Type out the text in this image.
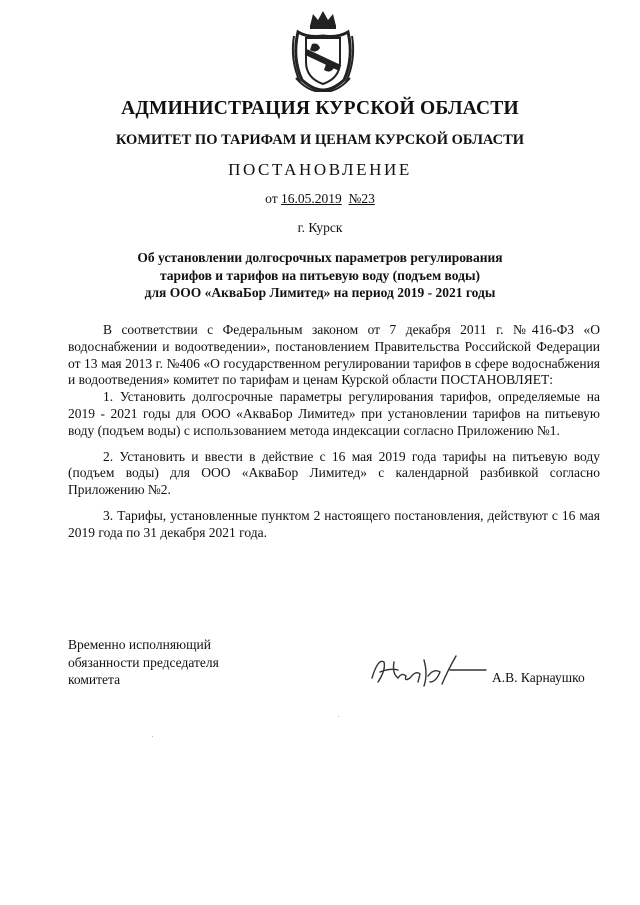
АДМИНИСТРАЦИЯ КУРСКОЙ ОБЛАСТИ
КОМИТЕТ ПО ТАРИФАМ И ЦЕНАМ КУРСКОЙ ОБЛАСТИ
ПОСТАНОВЛЕНИЕ
от 16.05.2019 №23
г. Курск
Об установлении долгосрочных параметров регулирования
тарифов и тарифов на питьевую воду (подъем воды)
для ООО «АкваБор Лимитед» на период 2019 - 2021 годы

В соответствии с Федеральным законом от 7 декабря 2011 г. №416-ФЗ «О водоснабжении и водоотведении», постановлением Правительства Российской Федерации от 13 мая 2013 г. №406 «О государственном регулировании тарифов в сфере водоснабжения и водоотведения» комитет по тарифам и ценам Курской области ПОСТАНОВЛЯЕТ:

1. Установить долгосрочные параметры регулирования тарифов, определяемые на 2019 - 2021 годы для ООО «АкваБор Лимитед» при установлении тарифов на питьевую воду (подъем воды) с использованием метода индексации согласно Приложению №1.

2. Установить и ввести в действие с 16 мая 2019 года тарифы на питьевую воду (подъем воды) для ООО «АкваБор Лимитед» с календарной разбивкой согласно Приложению №2.

3. Тарифы, установленные пунктом 2 настоящего постановления, действуют с 16 мая 2019 года по 31 декабря 2021 года.

Временно исполняющий
обязанности председателя
комитета	А.В. Карнаушко
